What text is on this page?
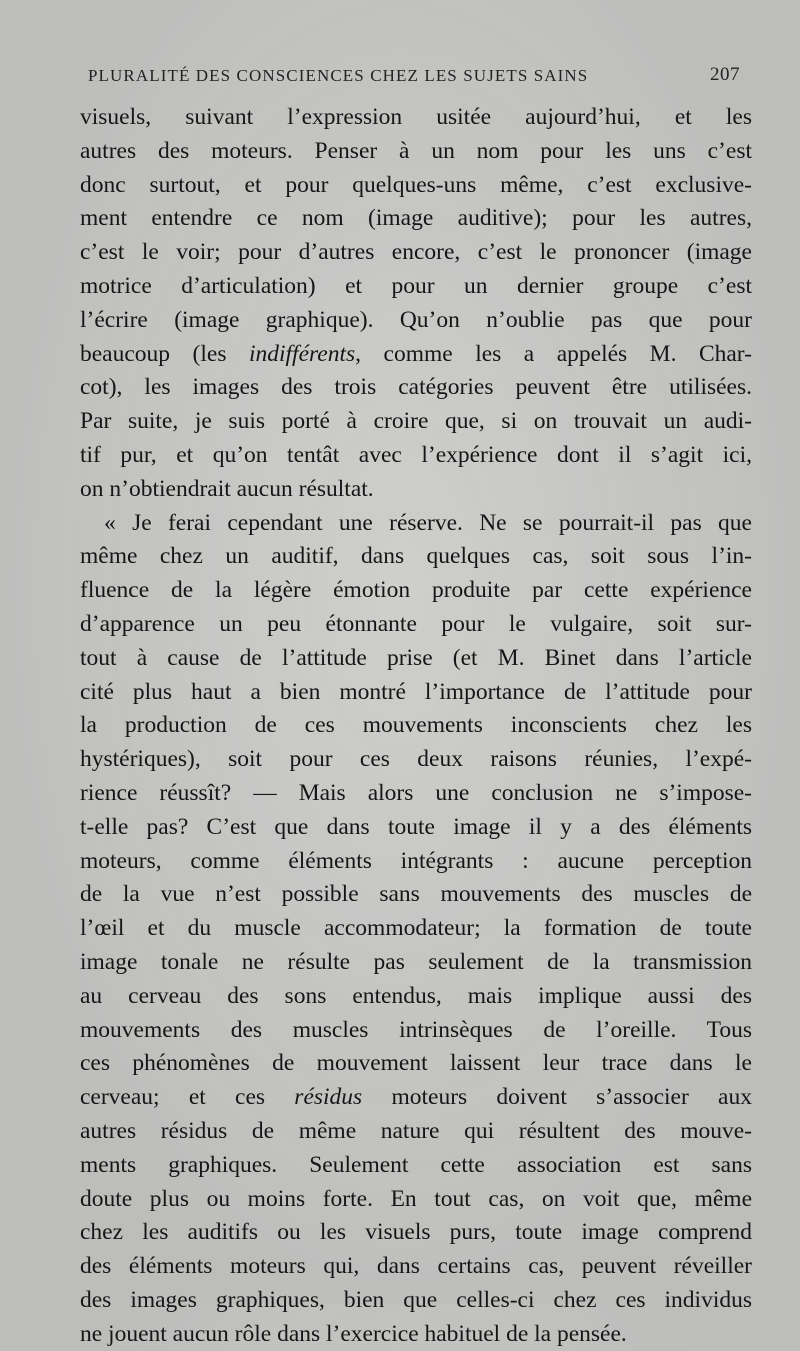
PLURALITÉ DES CONSCIENCES CHEZ LES SUJETS SAINS	207

visuels, suivant l’expression usitée aujourd’hui, et les
autres des moteurs. Penser à un nom pour les uns c’est
donc surtout, et pour quelques-uns même, c’est exclusive-
ment entendre ce nom (image auditive); pour les autres,
c’est le voir; pour d’autres encore, c’est le prononcer (image
motrice d’articulation) et pour un dernier groupe c’est
l’écrire (image graphique). Qu’on n’oublie pas que pour
beaucoup (les indifférents, comme les a appelés M. Char-
cot), les images des trois catégories peuvent être utilisées.
Par suite, je suis porté à croire que, si on trouvait un audi-
tif pur, et qu’on tentât avec l’expérience dont il s’agit ici,
on n’obtiendrait aucun résultat.

« Je ferai cependant une réserve. Ne se pourrait-il pas que
même chez un auditif, dans quelques cas, soit sous l’in-
fluence de la légère émotion produite par cette expérience
d’apparence un peu étonnante pour le vulgaire, soit sur-
tout à cause de l’attitude prise (et M. Binet dans l’article
cité plus haut a bien montré l’importance de l’attitude pour
la production de ces mouvements inconscients chez les
hystériques), soit pour ces deux raisons réunies, l’expé-
rience réussît? — Mais alors une conclusion ne s’impose-
t-elle pas? C’est que dans toute image il y a des éléments
moteurs, comme éléments intégrants : aucune perception
de la vue n’est possible sans mouvements des muscles de
l’œil et du muscle accommodateur; la formation de toute
image tonale ne résulte pas seulement de la transmission
au cerveau des sons entendus, mais implique aussi des
mouvements des muscles intrinsèques de l’oreille. Tous
ces phénomènes de mouvement laissent leur trace dans le
cerveau; et ces résidus moteurs doivent s’associer aux
autres résidus de même nature qui résultent des mouve-
ments graphiques. Seulement cette association est sans
doute plus ou moins forte. En tout cas, on voit que, même
chez les auditifs ou les visuels purs, toute image comprend
des éléments moteurs qui, dans certains cas, peuvent réveiller
des images graphiques, bien que celles-ci chez ces individus
ne jouent aucun rôle dans l’exercice habituel de la pensée.
